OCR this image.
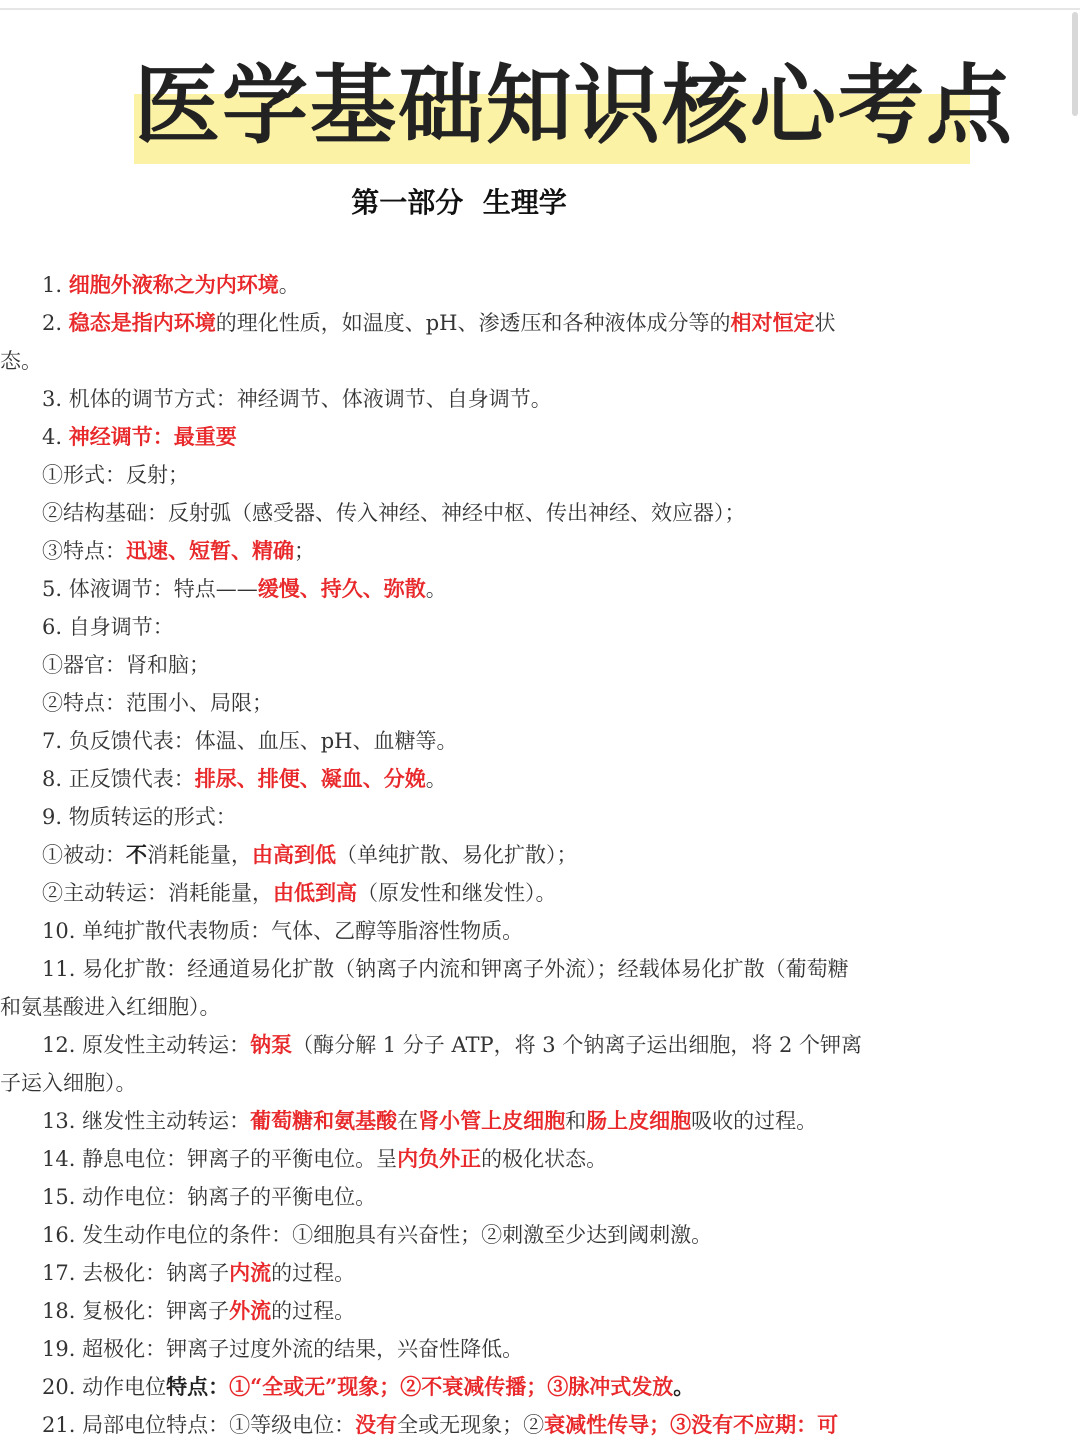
医学基础知识核心考点
第一部分  生理学
1. 细胞外液称之为内环境。
2. 稳态是指内环境的理化性质，如温度、pH、渗透压和各种液体成分等的相对恒定状
态。
3. 机体的调节方式：神经调节、体液调节、自身调节。
4. 神经调节：最重要
①形式：反射；
②结构基础：反射弧（感受器、传入神经、神经中枢、传出神经、效应器）；
③特点：迅速、短暂、精确；
5. 体液调节：特点——缓慢、持久、弥散。
6. 自身调节：
①器官：肾和脑；
②特点：范围小、局限；
7. 负反馈代表：体温、血压、pH、血糖等。
8. 正反馈代表：排尿、排便、凝血、分娩。
9. 物质转运的形式：
①被动：不消耗能量，由高到低（单纯扩散、易化扩散）；
②主动转运：消耗能量，由低到高（原发性和继发性）。
10. 单纯扩散代表物质：气体、乙醇等脂溶性物质。
11. 易化扩散：经通道易化扩散（钠离子内流和钾离子外流）；经载体易化扩散（葡萄糖
和氨基酸进入红细胞）。
12. 原发性主动转运：钠泵（酶分解 1 分子 ATP，将 3 个钠离子运出细胞，将 2 个钾离
子运入细胞）。
13. 继发性主动转运：葡萄糖和氨基酸在肾小管上皮细胞和肠上皮细胞吸收的过程。
14. 静息电位：钾离子的平衡电位。呈内负外正的极化状态。
15. 动作电位：钠离子的平衡电位。
16. 发生动作电位的条件：①细胞具有兴奋性；②刺激至少达到阈刺激。
17. 去极化：钠离子内流的过程。
18. 复极化：钾离子外流的过程。
19. 超极化：钾离子过度外流的结果，兴奋性降低。
20. 动作电位特点：①“全或无”现象；②不衰减传播；③脉冲式发放。
21. 局部电位特点：①等级电位：没有全或无现象；②衰减性传导；③没有不应期：可
